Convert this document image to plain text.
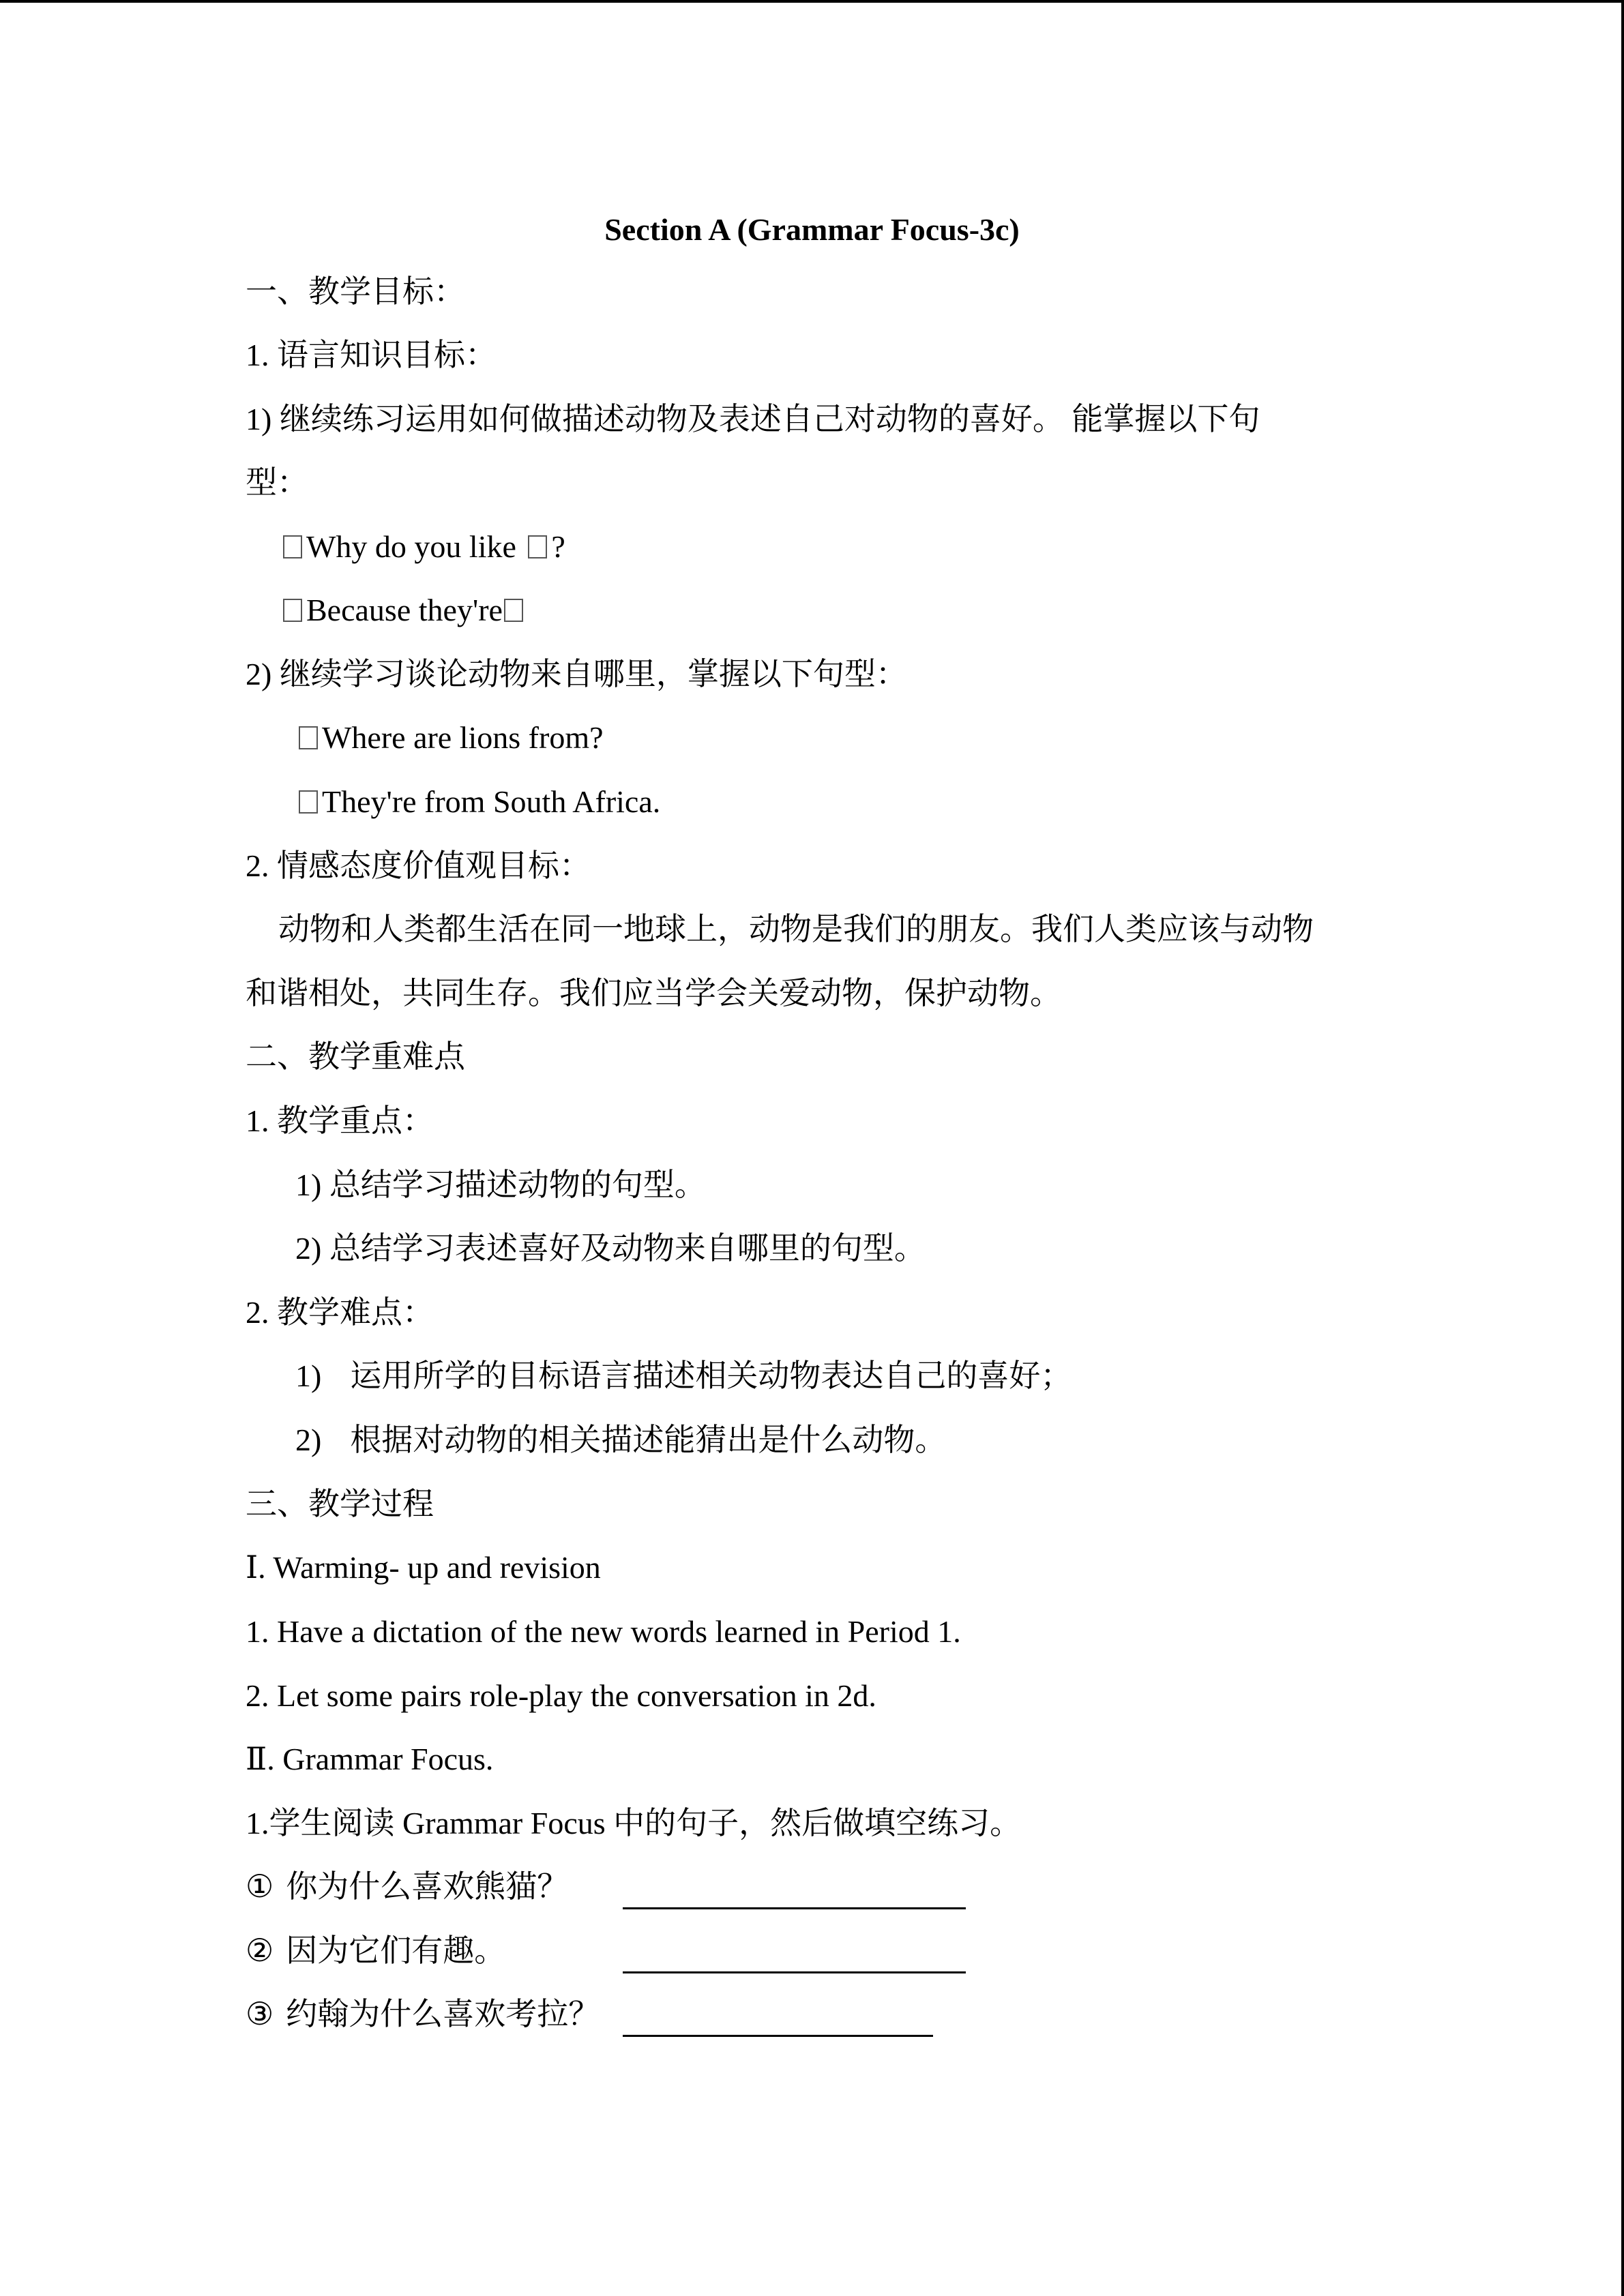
Section A (Grammar Focus-3c)
一、教学目标：
1. 语言知识目标：
1) 继续练习运用如何做描述动物及表述自己对动物的喜好。 能掌握以下句
型：
Why do you like ?
Because they're
2) 继续学习谈论动物来自哪里，掌握以下句型：
Where are lions from?
They're from South Africa.
2. 情感态度价值观目标：
动物和人类都生活在同一地球上，动物是我们的朋友。我们人类应该与动物
和谐相处，共同生存。我们应当学会关爱动物，保护动物。
二、教学重难点
1. 教学重点：
1) 总结学习描述动物的句型。
2) 总结学习表述喜好及动物来自哪里的句型。
2. 教学难点：
1) 运用所学的目标语言描述相关动物表达自己的喜好；
2) 根据对动物的相关描述能猜出是什么动物。
三、教学过程
Ⅰ. Warming- up and revision
1. Have a dictation of the new words learned in Period 1.
2. Let some pairs role-play the conversation in 2d.
Ⅱ. Grammar Focus.
1.学生阅读 Grammar Focus 中的句子，然后做填空练习。
① 你为什么喜欢熊猫？
② 因为它们有趣。
③ 约翰为什么喜欢考拉？
